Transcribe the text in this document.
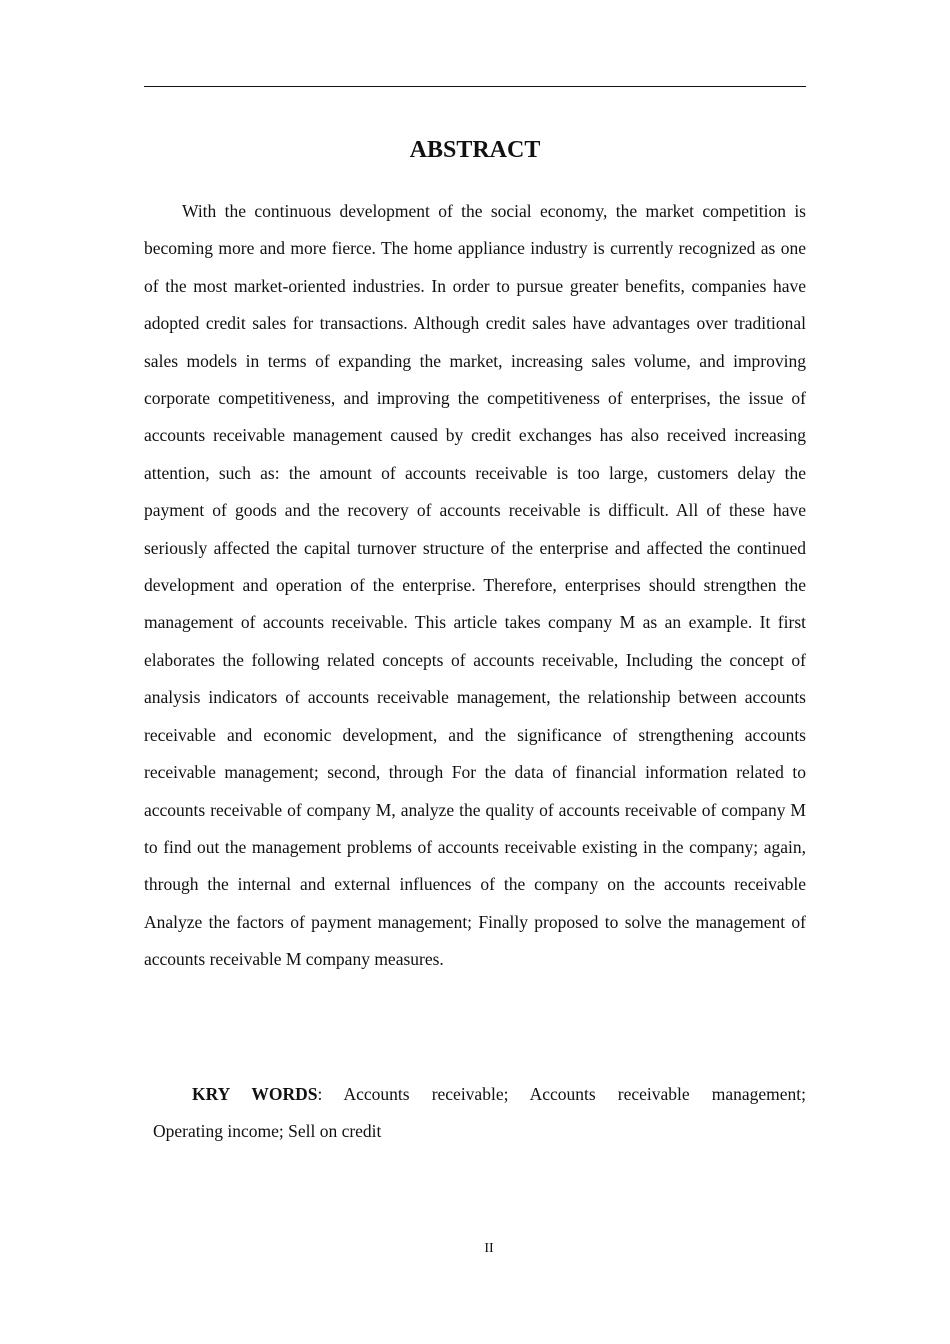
ABSTRACT

With the continuous development of the social economy, the market competition is becoming more and more fierce. The home appliance industry is currently recognized as one of the most market-oriented industries. In order to pursue greater benefits, companies have adopted credit sales for transactions. Although credit sales have advantages over traditional sales models in terms of expanding the market, increasing sales volume, and improving corporate competitiveness, and improving the competitiveness of enterprises, the issue of accounts receivable management caused by credit exchanges has also received increasing attention, such as: the amount of accounts receivable is too large, customers delay the payment of goods and the recovery of accounts receivable is difficult. All of these have seriously affected the capital turnover structure of the enterprise and affected the continued development and operation of the enterprise. Therefore, enterprises should strengthen the management of accounts receivable. This article takes company M as an example. It first elaborates the following related concepts of accounts receivable, Including the concept of analysis indicators of accounts receivable management, the relationship between accounts receivable and economic development, and the significance of strengthening accounts receivable management; second, through For the data of financial information related to accounts receivable of company M, analyze the quality of accounts receivable of company M to find out the management problems of accounts receivable existing in the company; again, through the internal and external influences of the company on the accounts receivable Analyze the factors of payment management; Finally proposed to solve the management of accounts receivable M company measures.

KRY WORDS: Accounts receivable; Accounts receivable management;
Operating income; Sell on credit

II
